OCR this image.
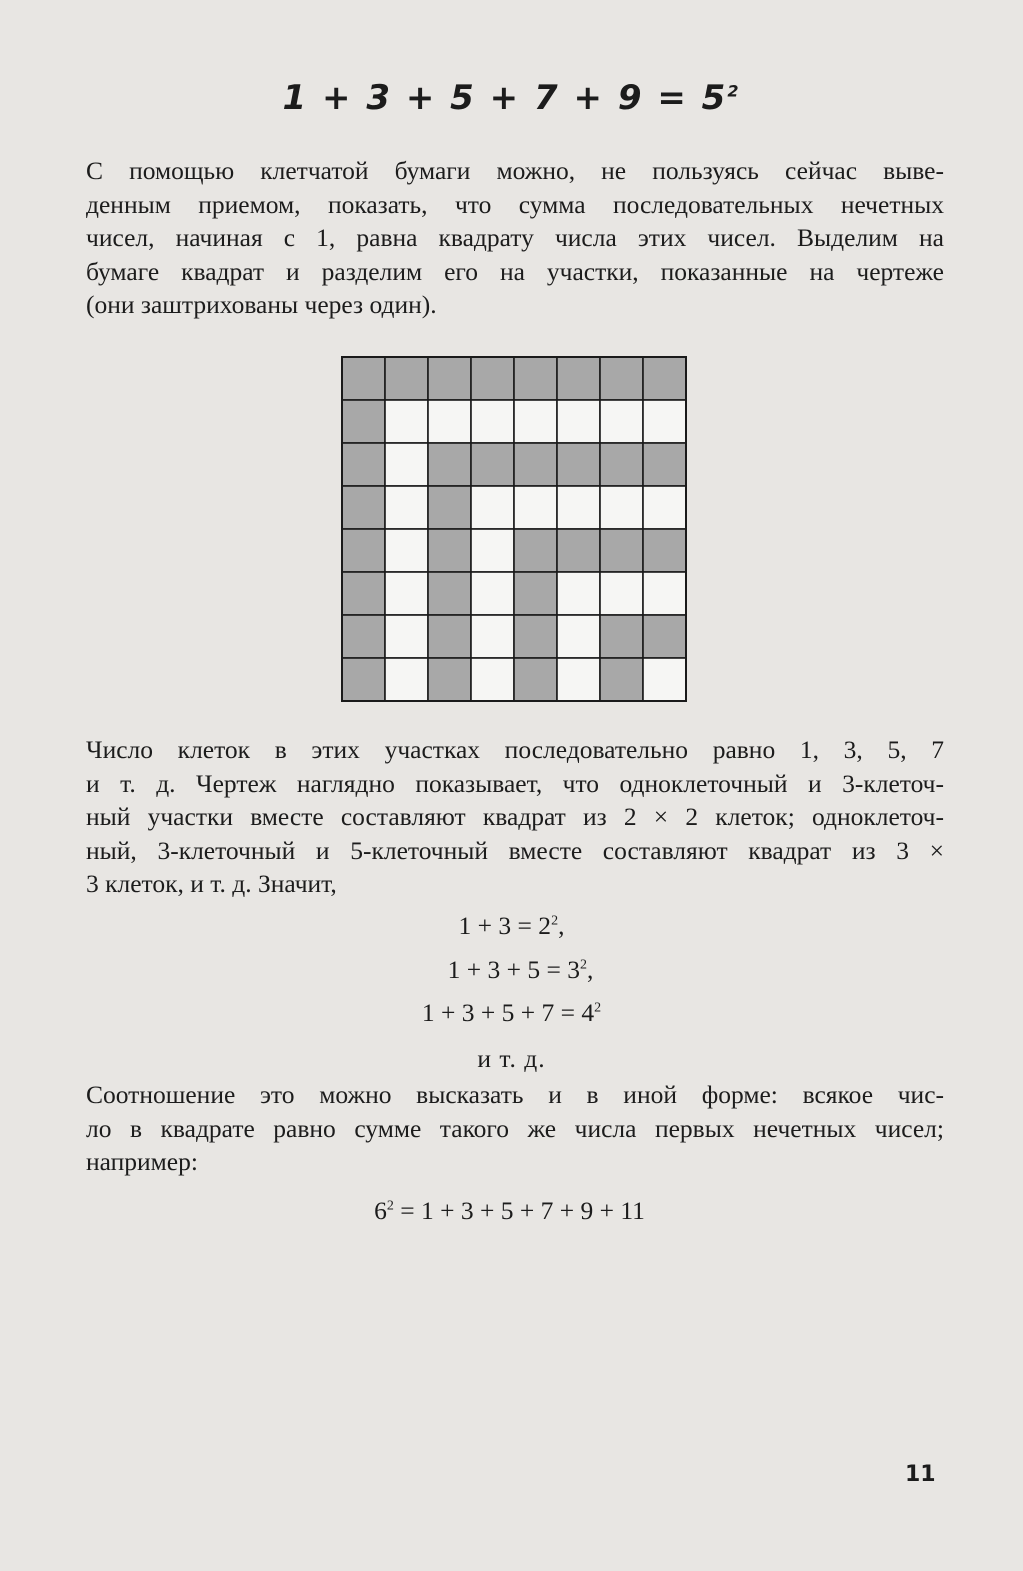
$1 + 3 + 5 + 7 + 9 = 5^2$

С помощью клетчатой бумаги можно, не пользуясь сейчас выве-
денным приемом, показать, что сумма последовательных нечетных
чисел, начиная с 1, равна квадрату числа этих чисел. Выделим на
бумаге квадрат и разделим его на участки, показанные на чертеже
(они заштрихованы через один).

Число клеток в этих участках последовательно равно 1, 3, 5, 7
и т. д. Чертеж наглядно показывает, что одноклеточный и 3-клеточ-
ный участки вместе составляют квадрат из 2 × 2 клеток; одноклеточ-
ный, 3-клеточный и 5-клеточный вместе составляют квадрат из 3 ×
3 клеток, и т. д. Значит,

$1 + 3 = 2^2$,

$1 + 3 + 5 = 3^2$,

$1 + 3 + 5 + 7 = 4^2$

и т. д.

Соотношение это можно высказать и в иной форме: всякое чис-
ло в квадрате равно сумме такого же числа первых нечетных чисел;
например:

$6^2 = 1 + 3 + 5 + 7 + 9 + 11$

11
